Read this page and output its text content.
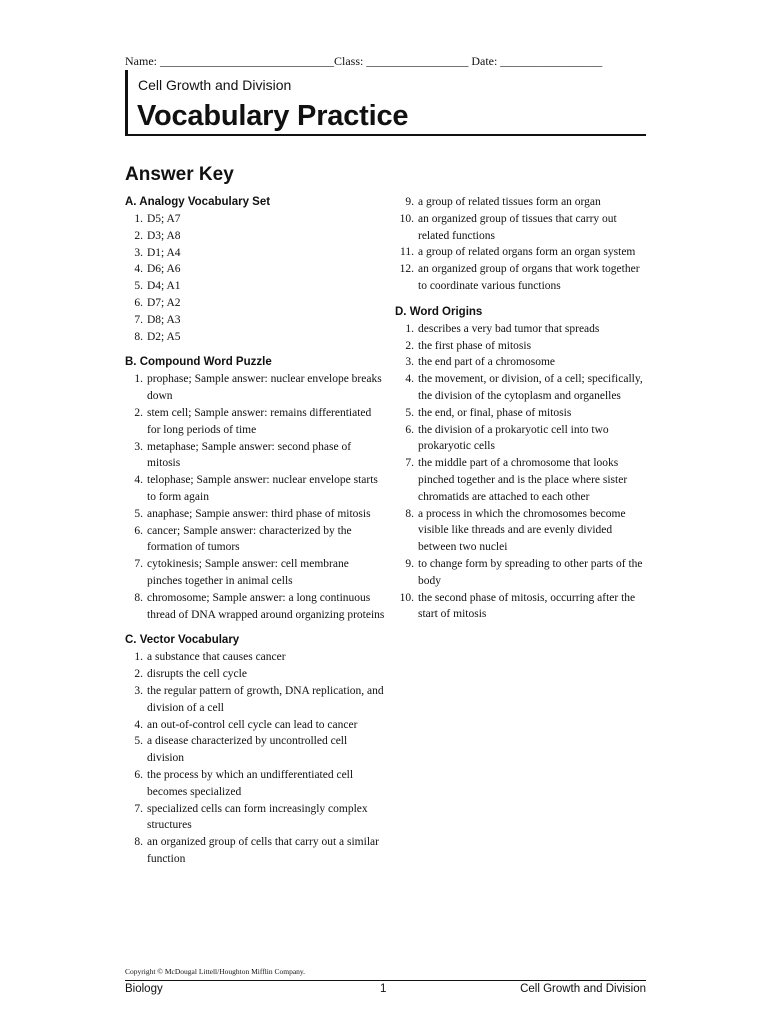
Name: _____________________________Class: _________________ Date: _________________
Cell Growth and Division
Vocabulary Practice
Answer Key
A. Analogy Vocabulary Set
1. D5; A7
2. D3; A8
3. D1; A4
4. D6; A6
5. D4; A1
6. D7; A2
7. D8; A3
8. D2; A5
B. Compound Word Puzzle
1. prophase; Sample answer: nuclear envelope breaks down
2. stem cell; Sample answer: remains differentiated for long periods of time
3. metaphase; Sample answer: second phase of mitosis
4. telophase; Sample answer: nuclear envelope starts to form again
5. anaphase; Sampie answer: third phase of mitosis
6. cancer; Sample answer: characterized by the formation of tumors
7. cytokinesis; Sample answer: cell membrane pinches together in animal cells
8. chromosome; Sample answer: a long continuous thread of DNA wrapped around organizing proteins
C. Vector Vocabulary
1. a substance that causes cancer
2. disrupts the cell cycle
3. the regular pattern of growth, DNA replication, and division of a cell
4. an out-of-control cell cycle can lead to cancer
5. a disease characterized by uncontrolled cell division
6. the process by which an undifferentiated cell becomes specialized
7. specialized cells can form increasingly complex structures
8. an organized group of cells that carry out a similar function
9. a group of related tissues form an organ
10. an organized group of tissues that carry out related functions
11. a group of related organs form an organ system
12. an organized group of organs that work together to coordinate various functions
D. Word Origins
1. describes a very bad tumor that spreads
2. the first phase of mitosis
3. the end part of a chromosome
4. the movement, or division, of a cell; specifically, the division of the cytoplasm and organelles
5. the end, or final, phase of mitosis
6. the division of a prokaryotic cell into two prokaryotic cells
7. the middle part of a chromosome that looks pinched together and is the place where sister chromatids are attached to each other
8. a process in which the chromosomes become visible like threads and are evenly divided between two nuclei
9. to change form by spreading to other parts of the body
10. the second phase of mitosis, occurring after the start of mitosis
Copyright © McDougal Littell/Houghton Mifflin Company.
Biology	1	Cell Growth and Division
